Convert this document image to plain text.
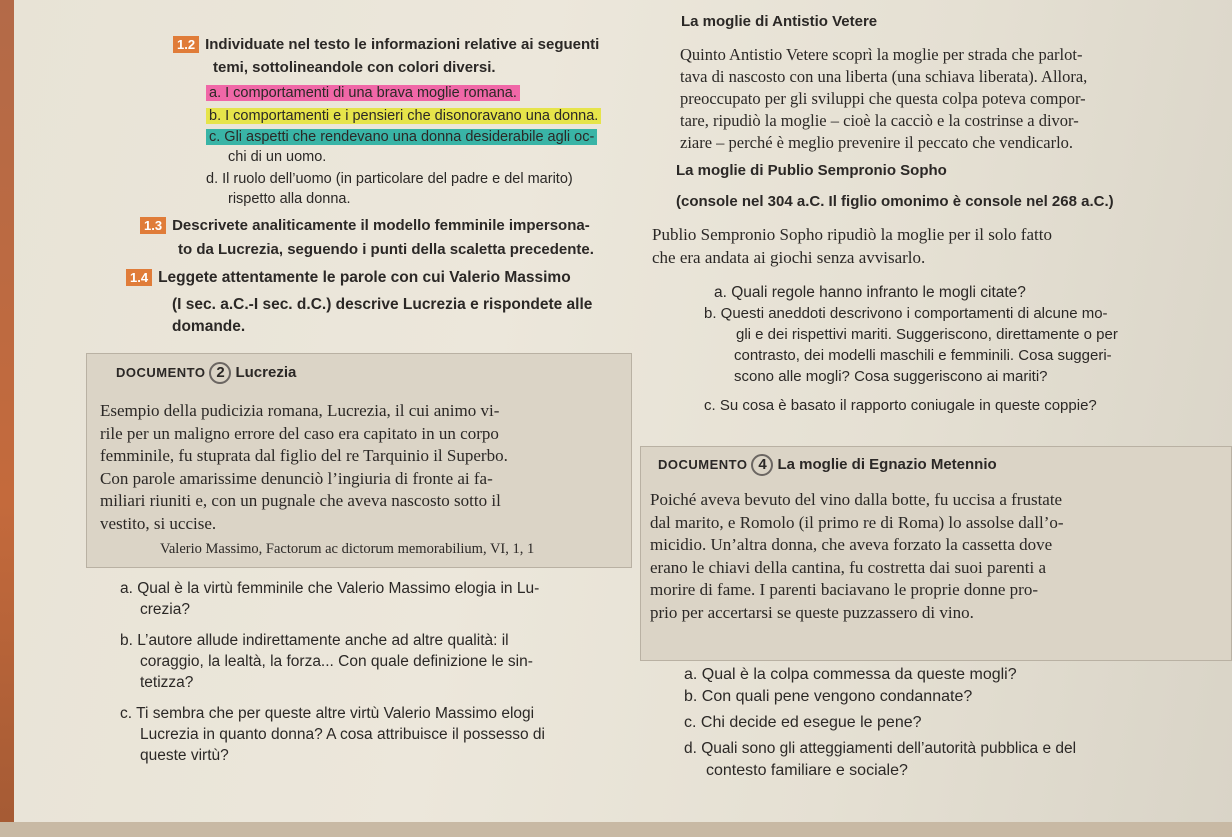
1.2 Individuate nel testo le informazioni relative ai seguenti
temi, sottolineandole con colori diversi.
a. I comportamenti di una brava moglie romana.
b. I comportamenti e i pensieri che disonoravano una donna.
c. Gli aspetti che rendevano una donna desiderabile agli oc-
chi di un uomo.
d. Il ruolo dell’uomo (in particolare del padre e del marito)
rispetto alla donna.
1.3 Descrivete analiticamente il modello femminile impersona-
to da Lucrezia, seguendo i punti della scaletta precedente.
1.4 Leggete attentamente le parole con cui Valerio Massimo
(I sec. a.C.-I sec. d.C.) descrive Lucrezia e rispondete alle
domande.
DOCUMENTO 2 Lucrezia
Esempio della pudicizia romana, Lucrezia, il cui animo vi-
rile per un maligno errore del caso era capitato in un corpo
femminile, fu stuprata dal figlio del re Tarquinio il Superbo.
Con parole amarissime denunciò l’ingiuria di fronte ai fa-
miliari riuniti e, con un pugnale che aveva nascosto sotto il
vestito, si uccise.
Valerio Massimo, Factorum ac dictorum memorabilium, VI, 1, 1
a. Qual è la virtù femminile che Valerio Massimo elogia in Lu-
crezia?
b. L’autore allude indirettamente anche ad altre qualità: il
coraggio, la lealtà, la forza... Con quale definizione le sin-
tetizza?
c. Ti sembra che per queste altre virtù Valerio Massimo elogi
Lucrezia in quanto donna? A cosa attribuisce il possesso di
queste virtù?
La moglie di Antistio Vetere
Quinto Antistio Vetere scoprì la moglie per strada che parlot-
tava di nascosto con una liberta (una schiava liberata). Allora,
preoccupato per gli sviluppi che questa colpa poteva compor-
tare, ripudiò la moglie – cioè la cacciò e la costrinse a divor-
ziare – perché è meglio prevenire il peccato che vendicarlo.
La moglie di Publio Sempronio Sopho
(console nel 304 a.C. Il figlio omonimo è console nel 268 a.C.)
Publio Sempronio Sopho ripudiò la moglie per il solo fatto
che era andata ai giochi senza avvisarlo.
a. Quali regole hanno infranto le mogli citate?
b. Questi aneddoti descrivono i comportamenti di alcune mo-
gli e dei rispettivi mariti. Suggeriscono, direttamente o per
contrasto, dei modelli maschili e femminili. Cosa suggeri-
scono alle mogli? Cosa suggeriscono ai mariti?
c. Su cosa è basato il rapporto coniugale in queste coppie?
DOCUMENTO 4 La moglie di Egnazio Metennio
Poiché aveva bevuto del vino dalla botte, fu uccisa a frustate
dal marito, e Romolo (il primo re di Roma) lo assolse dall’o-
micidio. Un’altra donna, che aveva forzato la cassetta dove
erano le chiavi della cantina, fu costretta dai suoi parenti a
morire di fame. I parenti baciavano le proprie donne pro-
prio per accertarsi se queste puzzassero di vino.
a. Qual è la colpa commessa da queste mogli?
b. Con quali pene vengono condannate?
c. Chi decide ed esegue le pene?
d. Quali sono gli atteggiamenti dell’autorità pubblica e del
contesto familiare e sociale?
